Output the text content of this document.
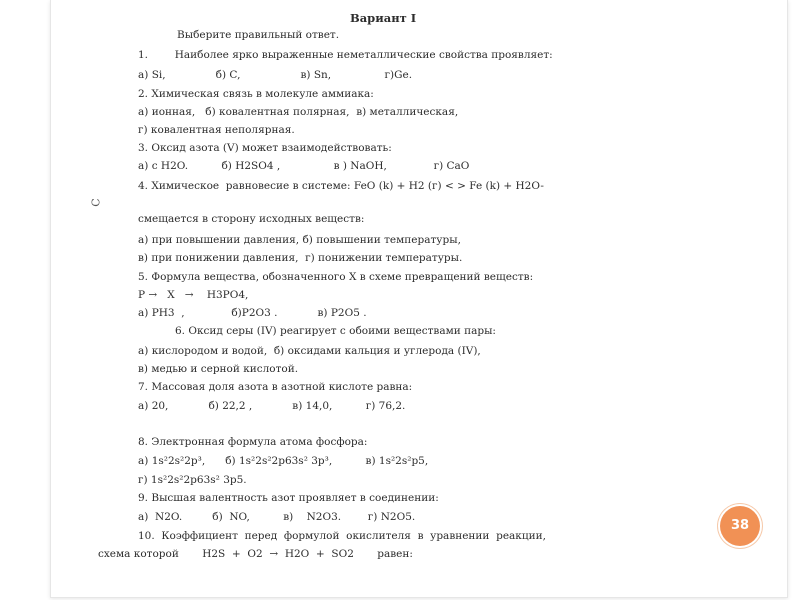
Вариант I
Выберите правильный ответ.
1.        Наиболее ярко выраженные неметаллические свойства проявляет:
а) Si,               б) C,                  в) Sn,                г)Ge.
2. Химическая связь в молекуле аммиака:
а) ионная,   б) ковалентная полярная,  в) металлическая,
г) ковалентная неполярная.
3. Оксид азота (V) может взаимодействовать:
а) с H2O.          б) H2SO4 ,                в ) NaOH,              г) CaO
4. Химическое  равновесие в системе: FeO (k) + H2 (г) < > Fe (k) + H2O-
C
смещается в сторону исходных веществ:
а) при повышении давления, б) повышении температуры,
в) при понижении давления,  г) понижении температуры.
5. Формула вещества, обозначенного Х в схеме превращений веществ:
Р →   Х   →    Н3РО4,
а) PH3  ,              б)P2O3 .            в) P2O5 .
6. Оксид серы (IV) реагирует с обоими веществами пары:
а) кислородом и водой,  б) оксидами кальция и углерода (IV),
в) медью и серной кислотой.
7. Массовая доля азота в азотной кислоте равна:
а) 20,            б) 22,2 ,            в) 14,0,          г) 76,2.
8. Электронная формула атома фосфора:
а) 1s²2s²2p³,      б) 1s²2s²2p63s² 3p³,          в) 1s²2s²p5,
г) 1s²2s²2p63s² 3p5.
9. Высшая валентность азот проявляет в соединении:
а)  N2O.         б)  NO,          в)    N2O3.        г) N2O5.
10.  Коэффициент  перед  формулой  окислителя  в  уравнении  реакции,
схема которой       H2S  +  O2  →  H2O  +  SO2       равен:
38
